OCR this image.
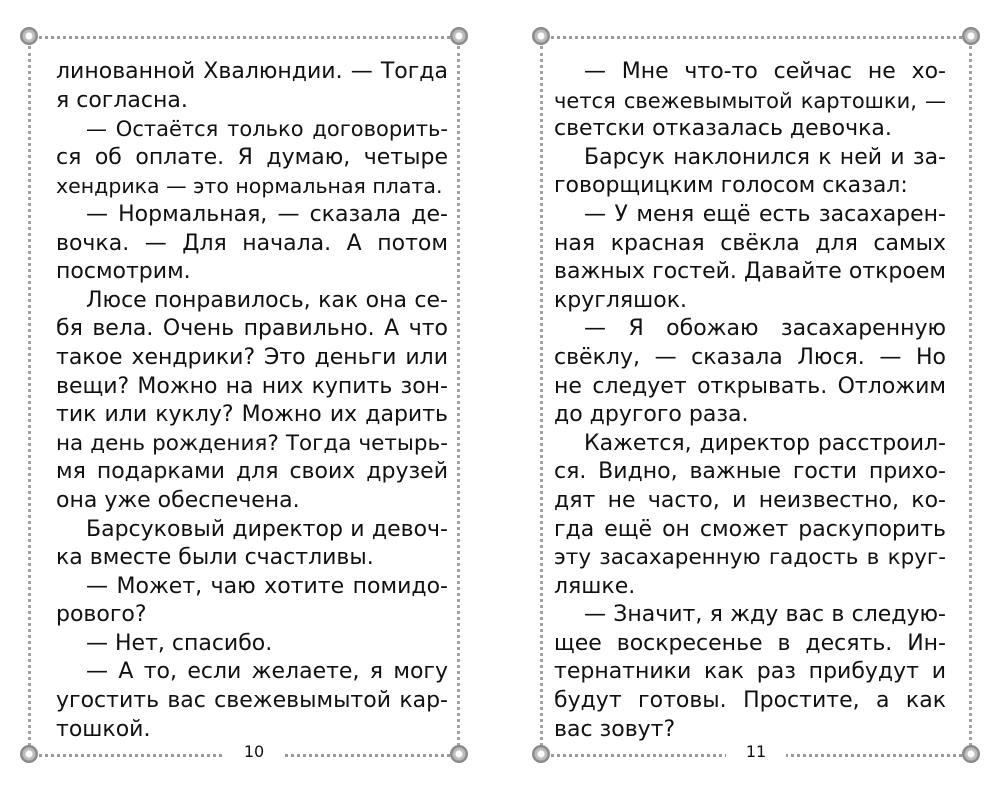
линованной Хвалюндии. — Тогда
я согласна.
— Остаётся только договорить-
ся об оплате. Я думаю, четыре
хендрика — это нормальная плата.
— Нормальная, — сказала де-
вочка. — Для начала. А потом
посмотрим.
Люсе понравилось, как она се-
бя вела. Очень правильно. А что
такое хендрики? Это деньги или
вещи? Можно на них купить зон-
тик или куклу? Можно их дарить
на день рождения? Тогда четырь-
мя подарками для своих друзей
она уже обеспечена.
Барсуковый директор и девоч-
ка вместе были счастливы.
— Может, чаю хотите помидо-
рового?
— Нет, спасибо.
— А то, если желаете, я могу
угостить вас свежевымытой кар-
тошкой.
10
— Мне что-то сейчас не хо-
чется свежевымытой картошки, —
светски отказалась девочка.
Барсук наклонился к ней и за-
говорщицким голосом сказал:
— У меня ещё есть засахарен-
ная красная свёкла для самых
важных гостей. Давайте откроем
кругляшок.
— Я обожаю засахаренную
свёклу, — сказала Люся. — Но
не следует открывать. Отложим
до другого раза.
Кажется, директор расстроил-
ся. Видно, важные гости прихо-
дят не часто, и неизвестно, ко-
гда ещё он сможет раскупорить
эту засахаренную гадость в круг-
ляшке.
— Значит, я жду вас в следую-
щее воскресенье в десять. Ин-
тернатники как раз прибудут и
будут готовы. Простите, а как
вас зовут?
11
